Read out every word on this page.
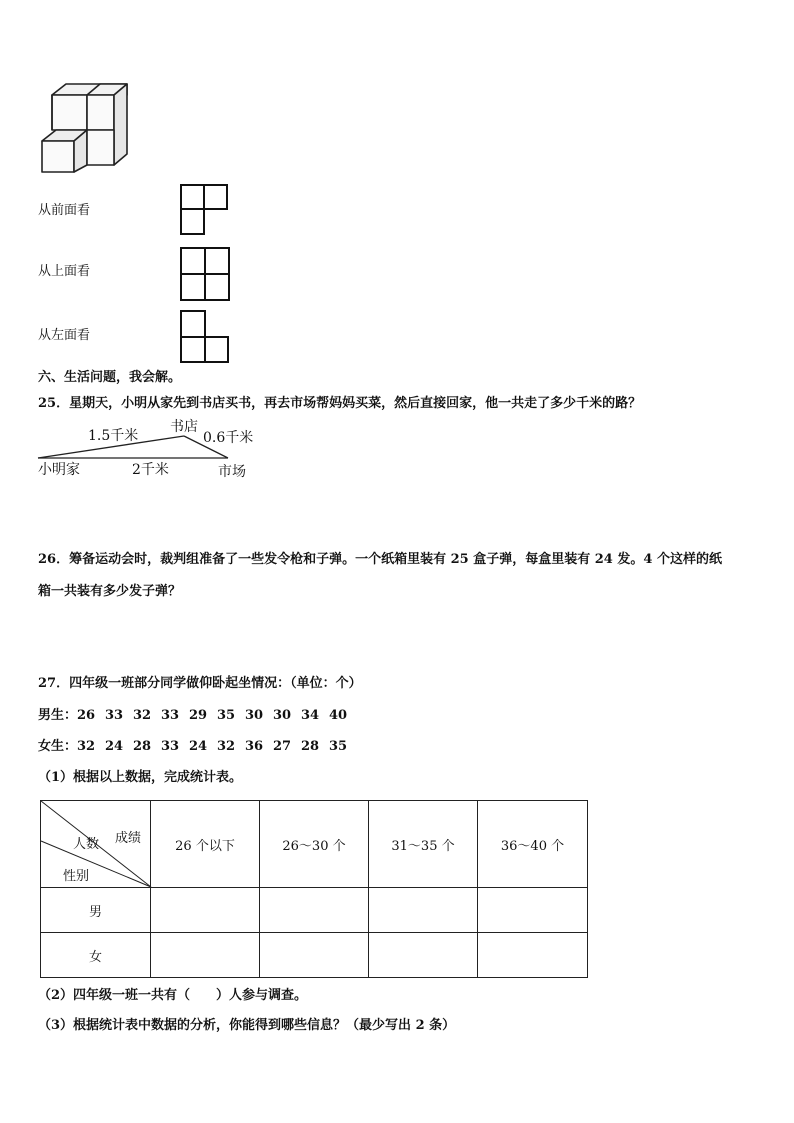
从前面看
从上面看
从左面看
六、生活问题，我会解。
25．星期天，小明从家先到书店买书，再去市场帮妈妈买菜，然后直接回家，他一共走了多少千米的路？
1.5千米
书店
0.6千米
小明家	2千米	市场
26．筹备运动会时，裁判组准备了一些发令枪和子弹。一个纸箱里装有 25 盒子弹，每盒里装有 24 发。4 个这样的纸
箱一共装有多少发子弹？
27．四年级一班部分同学做仰卧起坐情况：（单位：个）
男生：26 33 32 33 29 35 30 30 34 40
女生：32 24 28 33 24 32 36 27 28 35
（1）根据以上数据，完成统计表。
成绩
人数
性别	26 个以下	26～30 个	31～35 个	36～40 个
男				
女				
（2）四年级一班一共有（　　）人参与调查。
（3）根据统计表中数据的分析，你能得到哪些信息？（最少写出 2 条）
